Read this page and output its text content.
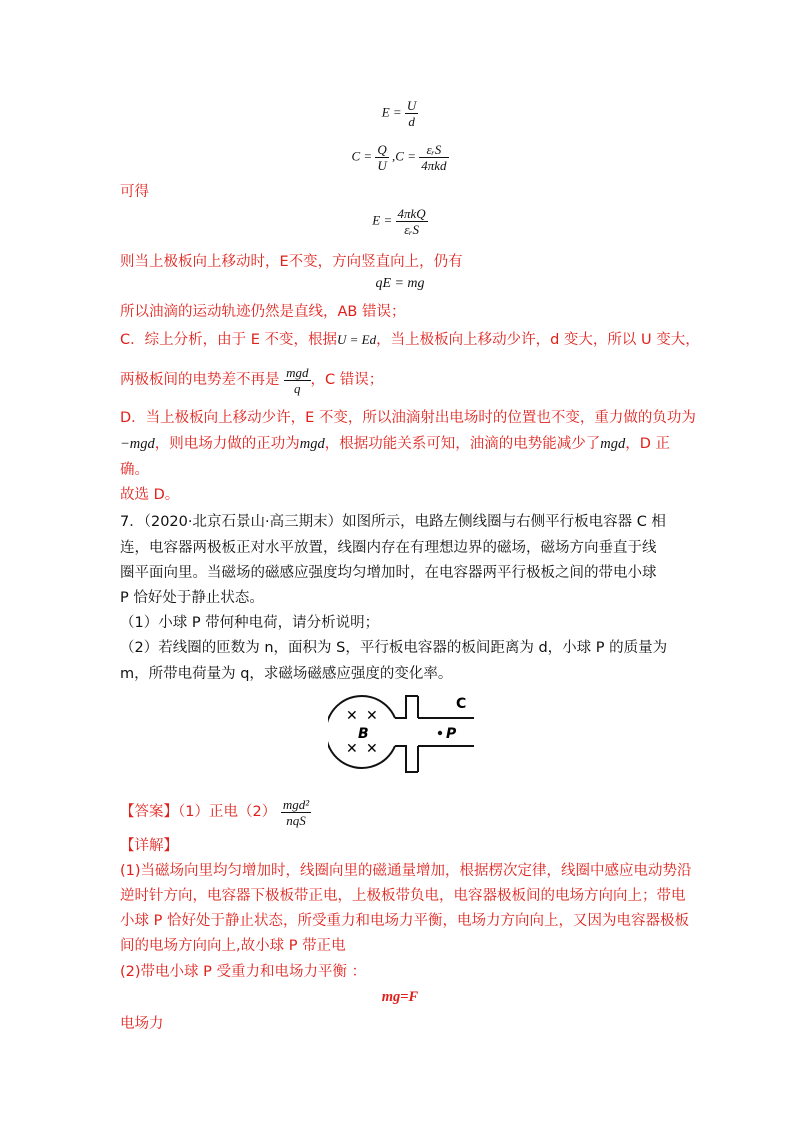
$E = \frac{U}{d}$
$C = \frac{Q}{U} ,C = \frac{\text{εᵣS}}{\text{4πkd}}$
可得
$E = \frac{\text{4πkQ}}{\text{εᵣS}}$
则当上极板向上移动时，E不变，方向竖直向上，仍有
qE = mg
所以油滴的运动轨迹仍然是直线，AB 错误；
C．综上分析，由于 E 不变，根据U = Ed，当上极板向上移动少许，d 变大，所以 U 变大，
两极板间的电势差不再是 $\frac{\text{mgd}}{q}$ ，C 错误；
D．当上极板向上移动少许，E 不变，所以油滴射出电场时的位置也不变，重力做的负功为
−mgd，则电场力做的正功为mgd，根据功能关系可知，油滴的电势能减少了mgd，D 正
确。
故选 D。
7．（2020·北京石景山·高三期末）如图所示，电路左侧线圈与右侧平行板电容器 C 相
连，电容器两极板正对水平放置，线圈内存在有理想边界的磁场，磁场方向垂直于线
圈平面向里。当磁场的磁感应强度均匀增加时，在电容器两平行极板之间的带电小球
P 恰好处于静止状态。
（1）小球 P 带何种电荷，请分析说明；
（2）若线圈的匝数为 n，面积为 S，平行板电容器的板间距离为 d，小球 P 的质量为
m，所带电荷量为 q，求磁场磁感应强度的变化率。
✕ ✕
✕ ✕
B
C
P
【答案】（1）正电$(2) \frac{\text{mgd²}}{\text{nqS}}$
【详解】
(1)当磁场向里均匀增加时，线圈向里的磁通量增加，根据楞次定律，线圈中感应电动势沿
逆时针方向，电容器下极板带正电，上极板带负电，电容器极板间的电场方向向上；带电
小球 P 恰好处于静止状态，所受重力和电场力平衡，电场力方向向上，又因为电容器极板
间的电场方向向上,故小球 P 带正电
(2)带电小球 P 受重力和电场力平衡 ：
mg=F
电场力
